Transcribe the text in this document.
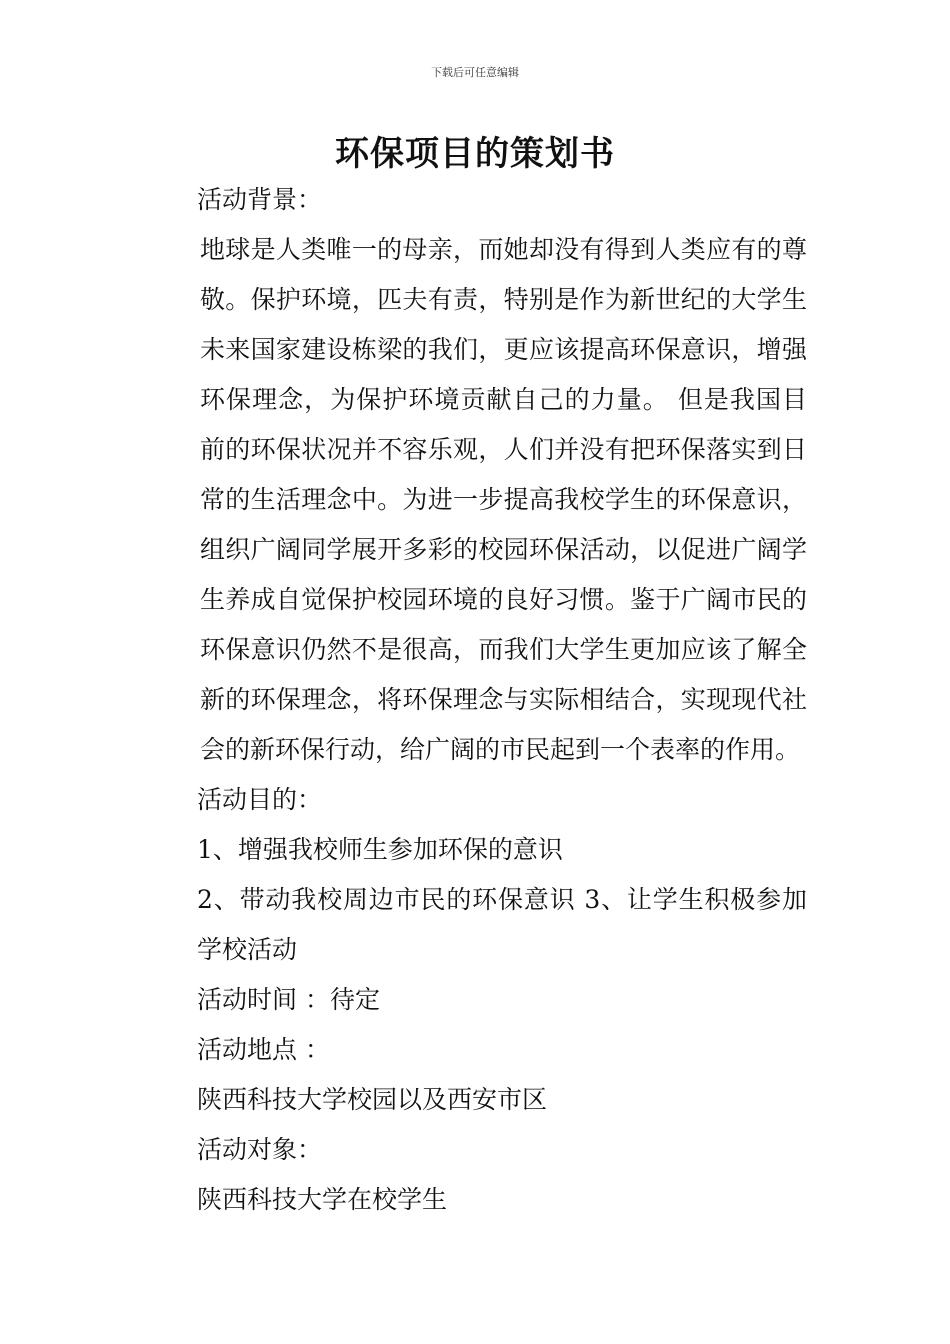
下载后可任意编辑
环保项目的策划书

活动背景：

地球是人类唯一的母亲，而她却没有得到人类应有的尊敬。保护环境，匹夫有责，特别是作为新世纪的大学生未来国家建设栋梁的我们，更应该提高环保意识，增强环保理念，为保护环境贡献自己的力量。 但是我国目前的环保状况并不容乐观，人们并没有把环保落实到日常的生活理念中。为进一步提高我校学生的环保意识，组织广阔同学展开多彩的校园环保活动，以促进广阔学生养成自觉保护校园环境的良好习惯。鉴于广阔市民的环保意识仍然不是很高，而我们大学生更加应该了解全新的环保理念，将环保理念与实际相结合，实现现代社会的新环保行动，给广阔的市民起到一个表率的作用。

活动目的：

1、增强我校师生参加环保的意识

2、带动我校周边市民的环保意识 3、让学生积极参加学校活动

活动时间 ：待定

活动地点 ：

陕西科技大学校园以及西安市区

活动对象：

陕西科技大学在校学生
